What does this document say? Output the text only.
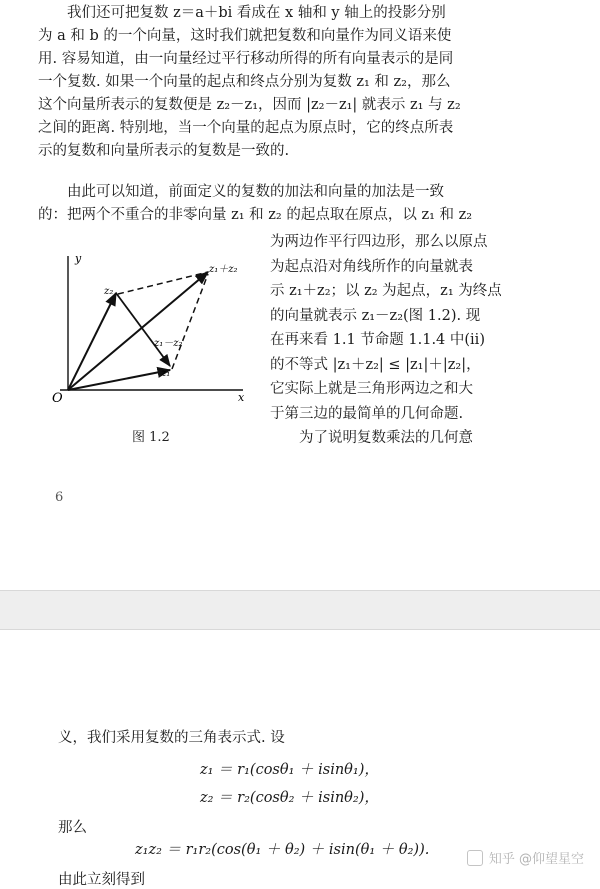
我们还可把复数 z＝a＋bi 看成在 x 轴和 y 轴上的投影分别
为 a 和 b 的一个向量，这时我们就把复数和向量作为同义语来使
用. 容易知道，由一向量经过平行移动所得的所有向量表示的是同
一个复数. 如果一个向量的起点和终点分别为复数 z₁ 和 z₂，那么
这个向量所表示的复数便是 z₂－z₁，因而 |z₂－z₁| 就表示 z₁ 与 z₂
之间的距离. 特别地，当一个向量的起点为原点时，它的终点所表
示的复数和向量所表示的复数是一致的.

由此可以知道，前面定义的复数的加法和向量的加法是一致
的：把两个不重合的非零向量 z₁ 和 z₂ 的起点取在原点，以 z₁ 和 z₂

为两边作平行四边形，那么以原点
为起点沿对角线所作的向量就表
示 z₁＋z₂；以 z₂ 为起点，z₁ 为终点
的向量就表示 z₁－z₂(图 1.2). 现
在再来看 1.1 节命题 1.1.4 中(ii)
的不等式 |z₁＋z₂| ≤ |z₁|＋|z₂|，
它实际上就是三角形两边之和大
于第三边的最简单的几何命题.
　　为了说明复数乘法的几何意

y
x
O
z₂
z₁
z₁＋z₂
z₁－z₂
图 1.2
6
义，我们采用复数的三角表示式. 设
z₁ ＝ r₁(cosθ₁ ＋ isinθ₁)，
z₂ ＝ r₂(cosθ₂ ＋ isinθ₂)，
那么
z₁z₂ ＝ r₁r₂(cos(θ₁ ＋ θ₂) ＋ isin(θ₁ ＋ θ₂)).
由此立刻得到
知乎 @仰望星空
